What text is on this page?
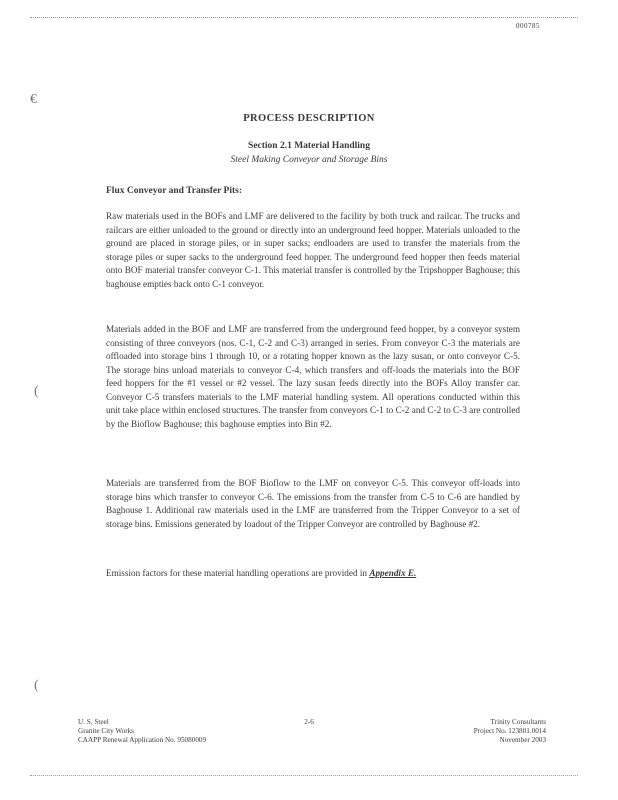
000785
€
(
(
PROCESS DESCRIPTION
Section 2.1 Material Handling
Steel Making Conveyor and Storage Bins
Flux Conveyor and Transfer Pits:

Raw materials used in the BOFs and LMF are delivered to the facility by both truck and railcar. The trucks and railcars are either unloaded to the ground or directly into an underground feed hopper. Materials unloaded to the ground are placed in storage piles, or in super sacks; endloaders are used to transfer the materials from the storage piles or super sacks to the underground feed hopper. The underground feed hopper then feeds material onto BOF material transfer conveyor C-1. This material transfer is controlled by the Tripshopper Baghouse; this baghouse empties back onto C-1 conveyor.

Materials added in the BOF and LMF are transferred from the underground feed hopper, by a conveyor system consisting of three conveyors (nos. C-1, C-2 and C-3) arranged in series. From conveyor C-3 the materials are offloaded into storage bins 1 through 10, or a rotating hopper known as the lazy susan, or onto conveyor C-5. The storage bins unload materials to conveyor C-4, which transfers and off-loads the materials into the BOF feed hoppers for the #1 vessel or #2 vessel. The lazy susan feeds directly into the BOFs Alloy transfer car. Conveyor C-5 transfers materials to the LMF material handling system. All operations conducted within this unit take place within enclosed structures. The transfer from conveyors C-1 to C-2 and C-2 to C-3 are controlled by the Bioflow Baghouse; this baghouse empties into Bin #2.

Materials are transferred from the BOF Bioflow to the LMF on conveyor C-5. This conveyor off-loads into storage bins which transfer to conveyor C-6. The emissions from the transfer from C-5 to C-6 are handled by Baghouse 1. Additional raw materials used in the LMF are transferred from the Tripper Conveyor to a set of storage bins. Emissions generated by loadout of the Tripper Conveyor are controlled by Baghouse #2.

Emission factors for these material handling operations are provided in Appendix E.

U. S. Steel
Granite City Works
CAAPP Renewal Application No. 95080009
2-6	Trinity Consultants
Project No. 123801.0014
November 2003
